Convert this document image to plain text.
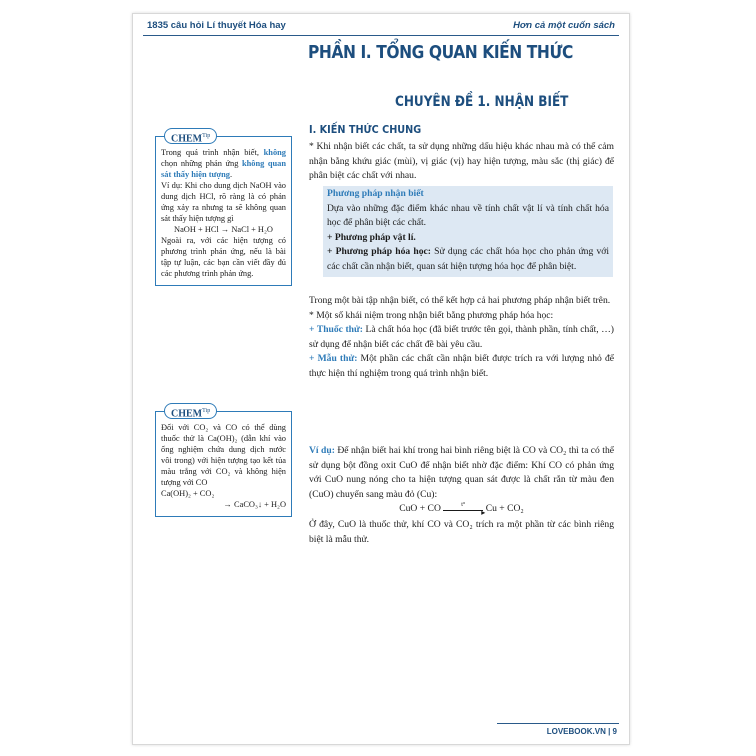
1835 câu hỏi Lí thuyết Hóa hay	Hơn cả một cuốn sách
PHẦN I. TỔNG QUAN KIẾN THỨC
CHUYÊN ĐỀ 1. NHẬN BIẾT
$CHEM^{Tip}$

Trong quá trình nhận biết, không chọn những phản ứng không quan sát thấy hiện tượng.

Ví dụ: Khi cho dung dịch NaOH vào dung dịch HCl, rõ ràng là có phản ứng xảy ra nhưng ta sẽ không quan sát thấy hiện tượng gì

NaOH + HCl → NaCl + H₂O

Ngoài ra, với các hiện tượng có phương trình phản ứng, nếu là bài tập tự luận, các bạn cần viết đầy đủ các phương trình phản ứng.

$CHEM^{Tip}$

Đối với CO₂ và CO có thể dùng thuốc thử là Ca(OH)₂ (dẫn khí vào ống nghiệm chứa dung dịch nước vôi trong) với hiện tượng tạo kết tủa màu trắng với CO₂ và không hiện tượng với CO

Ca(OH)₂ + CO₂

→ CaCO₃↓ + H₂O

I. KIẾN THỨC CHUNG

* Khi nhận biết các chất, ta sử dụng những dấu hiệu khác nhau mà có thể cảm nhận bằng khứu giác (mùi), vị giác (vị) hay hiện tượng, màu sắc (thị giác) để phân biệt các chất với nhau.

Phương pháp nhận biết

Dựa vào những đặc điểm khác nhau về tính chất vật lí và tính chất hóa học để phân biệt các chất.

+ Phương pháp vật lí.

+ Phương pháp hóa học: Sử dụng các chất hóa học cho phản ứng với các chất cần nhận biết, quan sát hiện tượng hóa học để phân biệt.

Trong một bài tập nhận biết, có thể kết hợp cả hai phương pháp nhận biết trên.

* Một số khái niệm trong nhận biết bằng phương pháp hóa học:

+ Thuốc thử: Là chất hóa học (đã biết trước tên gọi, thành phần, tính chất, …) sử dụng để nhận biết các chất đề bài yêu cầu.

+ Mẫu thử: Một phần các chất cần nhận biết được trích ra với lượng nhỏ để thực hiện thí nghiệm trong quá trình nhận biết.

Ví dụ: Để nhận biết hai khí trong hai bình riêng biệt là CO và CO₂ thì ta có thể sử dụng bột đồng oxit CuO để nhận biết nhờ đặc điểm: Khí CO có phản ứng với CuO nung nóng cho ta hiện tượng quan sát được là chất rắn từ màu đen (CuO) chuyển sang màu đỏ (Cu):

CuO + CO	$^{t^\circ}$
▸ Cu + CO₂

Ở đây, CuO là thuốc thử, khí CO và CO₂ trích ra một phần từ các bình riêng biệt là mẫu thử.

LOVEBOOK.VN | 9
